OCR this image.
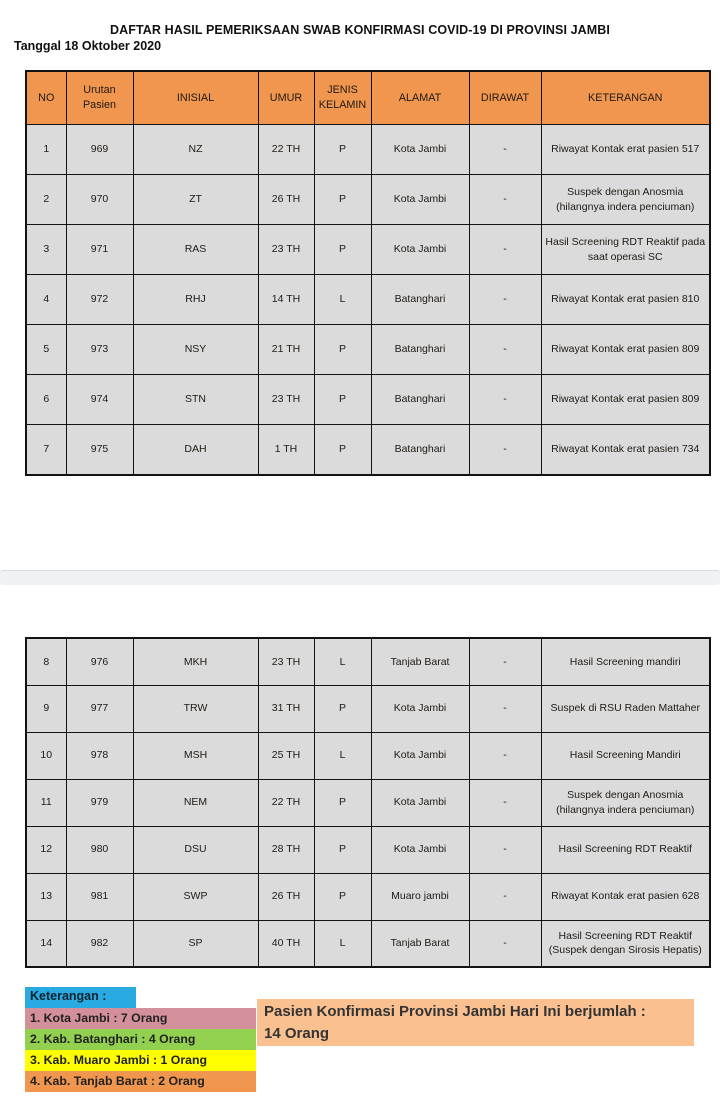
DAFTAR HASIL PEMERIKSAAN SWAB KONFIRMASI COVID-19 DI PROVINSI JAMBI
Tanggal 18 Oktober 2020
NO	Urutan Pasien	INISIAL	UMUR	JENIS KELAMIN	ALAMAT	DIRAWAT	KETERANGAN
1	969	NZ	22 TH	P	Kota Jambi	-	Riwayat Kontak erat pasien 517
2	970	ZT	26 TH	P	Kota Jambi	-	Suspek dengan Anosmia (hilangnya indera penciuman)
3	971	RAS	23 TH	P	Kota Jambi	-	Hasil Screening RDT Reaktif pada saat operasi SC
4	972	RHJ	14 TH	L	Batanghari	-	Riwayat Kontak erat pasien 810
5	973	NSY	21 TH	P	Batanghari	-	Riwayat Kontak erat pasien 809
6	974	STN	23 TH	P	Batanghari	-	Riwayat Kontak erat pasien 809
7	975	DAH	1 TH	P	Batanghari	-	Riwayat Kontak erat pasien 734
8	976	MKH	23 TH	L	Tanjab Barat	-	Hasil Screening mandiri
9	977	TRW	31 TH	P	Kota Jambi	-	Suspek di RSU Raden Mattaher
10	978	MSH	25 TH	L	Kota Jambi	-	Hasil Screening Mandiri
11	979	NEM	22 TH	P	Kota Jambi	-	Suspek dengan Anosmia (hilangnya indera penciuman)
12	980	DSU	28 TH	P	Kota Jambi	-	Hasil Screening RDT Reaktif
13	981	SWP	26 TH	P	Muaro jambi	-	Riwayat Kontak erat pasien 628
14	982	SP	40 TH	L	Tanjab Barat	-	Hasil Screening RDT Reaktif (Suspek dengan Sirosis Hepatis)
Keterangan :
1. Kota Jambi : 7 Orang
2. Kab. Batanghari : 4 Orang
3. Kab. Muaro Jambi : 1 Orang
4. Kab. Tanjab Barat : 2 Orang
Pasien Konfirmasi Provinsi Jambi Hari Ini berjumlah :
14 Orang
